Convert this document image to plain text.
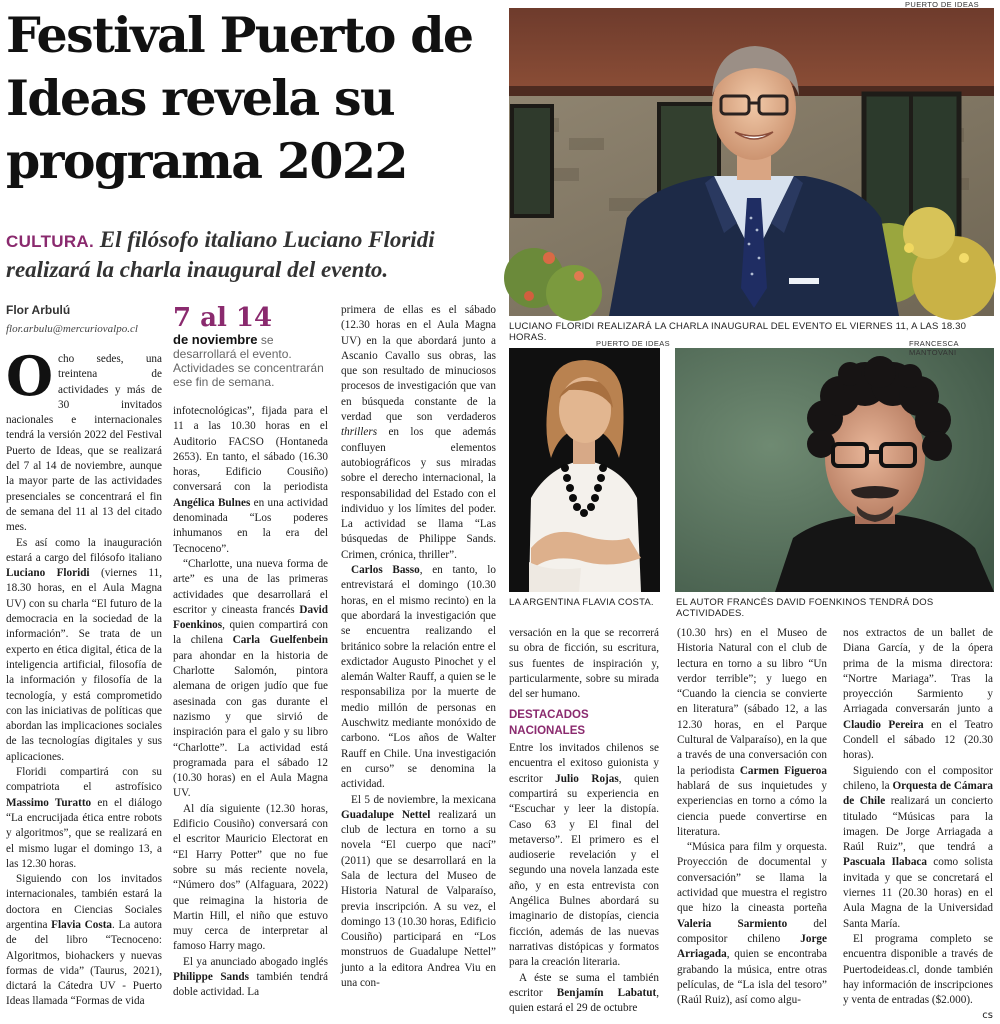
Festival Puerto de Ideas revela su programa 2022
CULTURA. El filósofo italiano Luciano Floridi realizará la charla inaugural del evento.
Flor Arbulú
flor.arbulu@mercuriovalpo.cl	7 al 14
de noviembre se desarrollará el evento. Actividades se concentrarán ese fin de semana.

Ocho sedes, una treintena de actividades y más de 30 invitados nacionales e internacionales tendrá la versión 2022 del Festival Puerto de Ideas, que se realizará del 7 al 14 de noviembre, aunque la mayor parte de las actividades presenciales se concentrará el fin de semana del 11 al 13 del citado mes.

Es así como la inauguración estará a cargo del filósofo italiano Luciano Floridi (viernes 11, 18.30 horas, en el Aula Magna UV) con su charla “El futuro de la democracia en la sociedad de la información”. Se trata de un experto en ética digital, ética de la inteligencia artificial, filosofía de la información y filosofía de la tecnología, y está comprometido con las iniciativas de políticas que abordan las implicaciones sociales de las tecnologías digitales y sus aplicaciones.

Floridi compartirá con su compatriota el astrofísico Massimo Turatto en el diálogo “La encrucijada ética entre robots y algoritmos”, que se realizará en el mismo lugar el domingo 13, a las 12.30 horas.

Siguiendo con los invitados internacionales, también estará la doctora en Ciencias Sociales argentina Flavia Costa. La autora de del libro “Tecnoceno: Algoritmos, biohackers y nuevas formas de vida” (Taurus, 2021), dictará la Cátedra UV - Puerto Ideas llamada “Formas de vida

infotecnológicas”, fijada para el 11 a las 10.30 horas en el Auditorio FACSO (Hontaneda 2653). En tanto, el sábado (16.30 horas, Edificio Cousiño) conversará con la periodista Angélica Bulnes en una actividad denominada “Los poderes inhumanos en la era del Tecnoceno”.

“Charlotte, una nueva forma de arte” es una de las primeras actividades que desarrollará el escritor y cineasta francés David Foenkinos, quien compartirá con la chilena Carla Guelfenbein para ahondar en la historia de Charlotte Salomón, pintora alemana de origen judío que fue asesinada con gas durante el nazismo y que sirvió de inspiración para el galo y su libro “Charlotte”. La actividad está programada para el sábado 12 (10.30 horas) en el Aula Magna UV.

Al día siguiente (12.30 horas, Edificio Cousiño) conversará con el escritor Mauricio Electorat en “El Harry Potter” que no fue sobre su más reciente novela, “Número dos” (Alfaguara, 2022) que reimagina la historia de Martin Hill, el niño que estuvo muy cerca de interpretar al famoso Harry mago.

El ya anunciado abogado inglés Philippe Sands también tendrá doble actividad. La

primera de ellas es el sábado (12.30 horas en el Aula Magna UV) en la que abordará junto a Ascanio Cavallo sus obras, las que son resultado de minuciosos procesos de investigación que van en búsqueda constante de la verdad que son verdaderos thrillers en los que además confluyen elementos autobiográficos y sus miradas sobre el derecho internacional, la responsabilidad del Estado con el individuo y los límites del poder. La actividad se llama “Las búsquedas de Philippe Sands. Crimen, crónica, thriller”.

Carlos Basso, en tanto, lo entrevistará el domingo (10.30 horas, en el mismo recinto) en la que abordará la investigación que se encuentra realizando el británico sobre la relación entre el exdictador Augusto Pinochet y el alemán Walter Rauff, a quien se le responsabiliza por la muerte de medio millón de personas en Auschwitz mediante monóxido de carbono. “Los años de Walter Rauff en Chile. Una investigación en curso” se denomina la actividad.

El 5 de noviembre, la mexicana Guadalupe Nettel realizará un club de lectura en torno a su novela “El cuerpo que nací” (2011) que se desarrollará en la Sala de lectura del Museo de Historia Natural de Valparaíso, previa inscripción. A su vez, el domingo 13 (10.30 horas, Edificio Cousiño) participará en “Los monstruos de Guadalupe Nettel” junto a la editora Andrea Viu en una con-

PUERTO DE IDEAS
LUCIANO FLORIDI REALIZARÁ LA CHARLA INAUGURAL DEL EVENTO EL VIERNES 11, A LAS 18.30 HORAS.
PUERTO DE IDEAS
LA ARGENTINA FLAVIA COSTA.
FRANCESCA MANTOVANI
EL AUTOR FRANCÉS DAVID FOENKINOS TENDRÁ DOS ACTIVIDADES.

versación en la que se recorrerá su obra de ficción, su escritura, sus fuentes de inspiración y, particularmente, sobre su mirada del ser humano.

DESTACADOS NACIONALES

Entre los invitados chilenos se encuentra el exitoso guionista y escritor Julio Rojas, quien compartirá su experiencia en “Escuchar y leer la distopía. Caso 63 y El final del metaverso”. El primero es el audioserie revelación y el segundo una novela lanzada este año, y en esta entrevista con Angélica Bulnes abordará su imaginario de distopías, ciencia ficción, además de las nuevas narrativas distópicas y formatos para la creación literaria.

A éste se suma el también escritor Benjamín Labatut, quien estará el 29 de octubre

(10.30 hrs) en el Museo de Historia Natural con el club de lectura en torno a su libro “Un verdor terrible”; y luego en “Cuando la ciencia se convierte en literatura” (sábado 12, a las 12.30 horas, en el Parque Cultural de Valparaíso), en la que a través de una conversación con la periodista Carmen Figueroa hablará de sus inquietudes y experiencias en torno a cómo la ciencia puede convertirse en literatura.

“Música para film y orquesta. Proyección de documental y conversación” se llama la actividad que muestra el registro que hizo la cineasta porteña Valeria Sarmiento del compositor chileno Jorge Arriagada, quien se encontraba grabando la música, entre otras películas, de “La isla del tesoro” (Raúl Ruiz), así como algu-

nos extractos de un ballet de Diana García, y de la ópera prima de la misma directora: “Nortre Mariaga”. Tras la proyección Sarmiento y Arriagada conversarán junto a Claudio Pereira en el Teatro Condell el sábado 12 (20.30 horas).

Siguiendo con el compositor chileno, la Orquesta de Cámara de Chile realizará un concierto titulado “Músicas para la imagen. De Jorge Arriagada a Raúl Ruiz”, que tendrá a Pascuala Ilabaca como solista invitada y que se concretará el viernes 11 (20.30 horas) en el Aula Magna de la Universidad Santa María.

El programa completo se encuentra disponible a través de Puertodeideas.cl, donde también hay información de inscripciones y venta de entradas ($2.000).
cs
